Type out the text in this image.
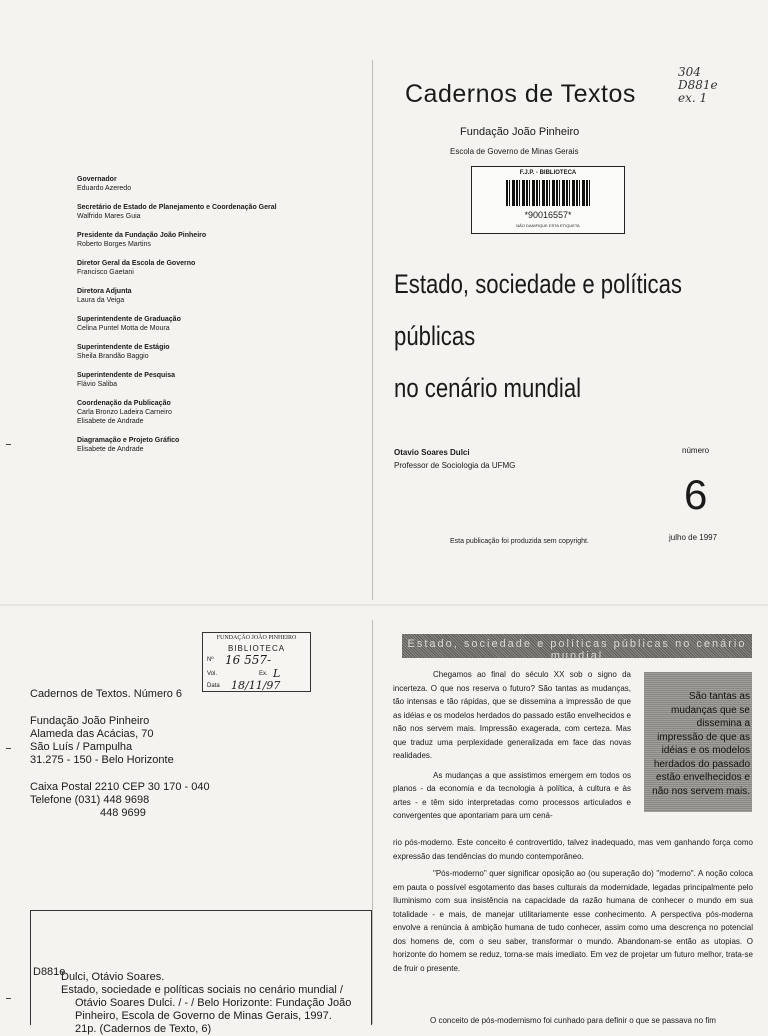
Governador
Eduardo Azeredo
Secretário de Estado de Planejamento e Coordenação Geral
Walfrido Mares Guia
Presidente da Fundação João Pinheiro
Roberto Borges Martins
Diretor Geral da Escola de Governo
Francisco Gaetani
Diretora Adjunta
Laura da Veiga
Superintendente de Graduação
Celina Puntel Motta de Moura
Superintendente de Estágio
Sheila Brandão Baggio
Superintendente de Pesquisa
Flávio Saliba
Coordenação da Publicação
Carla Bronzo Ladeira Carneiro
Elisabete de Andrade
Diagramação e Projeto Gráfico
Elisabete de Andrade
Cadernos de Textos
304
D881e
ex. 1
Fundação João Pinheiro
Escola de Governo de Minas Gerais
F.J.P. - BIBLIOTECA
*90016557*
NÃO DANIFIQUE ESTA ETIQUETA
Estado, sociedade e políticas públicas
no cenário mundial
Otavio Soares Dulci
Professor de Sociologia da UFMG
número
6
Esta publicação foi produzida sem copyright.	julho de 1997
FUNDAÇÃO JOÃO PINHEIRO
BIBLIOTECA
Nº 16 557-
Vol.	Ex. L
Data 18/11/97
Cadernos de Textos. Número 6
Fundação João Pinheiro
Alameda das Acácias, 70
São Luís / Pampulha
31.275 - 150 - Belo Horizonte
Caixa Postal 2210 CEP 30 170 - 040
Telefone (031) 448 9698
448 9699
D881e
Dulci, Otávio Soares.
Estado, sociedade e políticas sociais no cenário mundial /
Otávio Soares Dulci. / - / Belo Horizonte: Fundação João
Pinheiro, Escola de Governo de Minas Gerais, 1997.
21p. (Cadernos de Texto, 6)
Estado, sociedade e políticas públicas no cenário mundial
São tantas as mudanças que se dissemina a impressão de que as idéias e os modelos herdados do passado estão envelhecidos e não nos servem mais.

Chegamos ao final do século XX sob o signo da incerteza. O que nos reserva o futuro? São tantas as mudanças, tão intensas e tão rápidas, que se dissemina a impressão de que as idéias e os modelos herdados do passado estão envelhecidos e não nos servem mais. Impressão exagerada, com certeza. Mas que traduz uma perplexidade generalizada em face das novas realidades.

As mudanças a que assistimos emergem em todos os planos - da economia e da tecnologia à política, à cultura e às artes - e têm sido interpretadas como processos articulados e convergentes que apontariam para um cená-

rio pós-moderno. Este conceito é controvertido, talvez inadequado, mas vem ganhando força como expressão das tendências do mundo contemporâneo.

"Pós-moderno" quer significar oposição ao (ou superação do) "moderno". A noção coloca em pauta o possível esgotamento das bases culturais da modernidade, legadas principalmente pelo Iluminismo com sua insistência na capacidade da razão humana de conhecer o mundo em sua totalidade - e mais, de manejar utilitariamente esse conhecimento. A perspectiva pós-moderna envolve a renúncia à ambição humana de tudo conhecer, assim como uma descrença no potencial dos homens de, com o seu saber, transformar o mundo. Abandonam-se então as utopias. O horizonte do homem se reduz, torna-se mais imediato. Em vez de projetar um futuro melhor, trata-se de fruir o presente.

O conceito de pós-modernismo foi cunhado para definir o que se passava no fim
